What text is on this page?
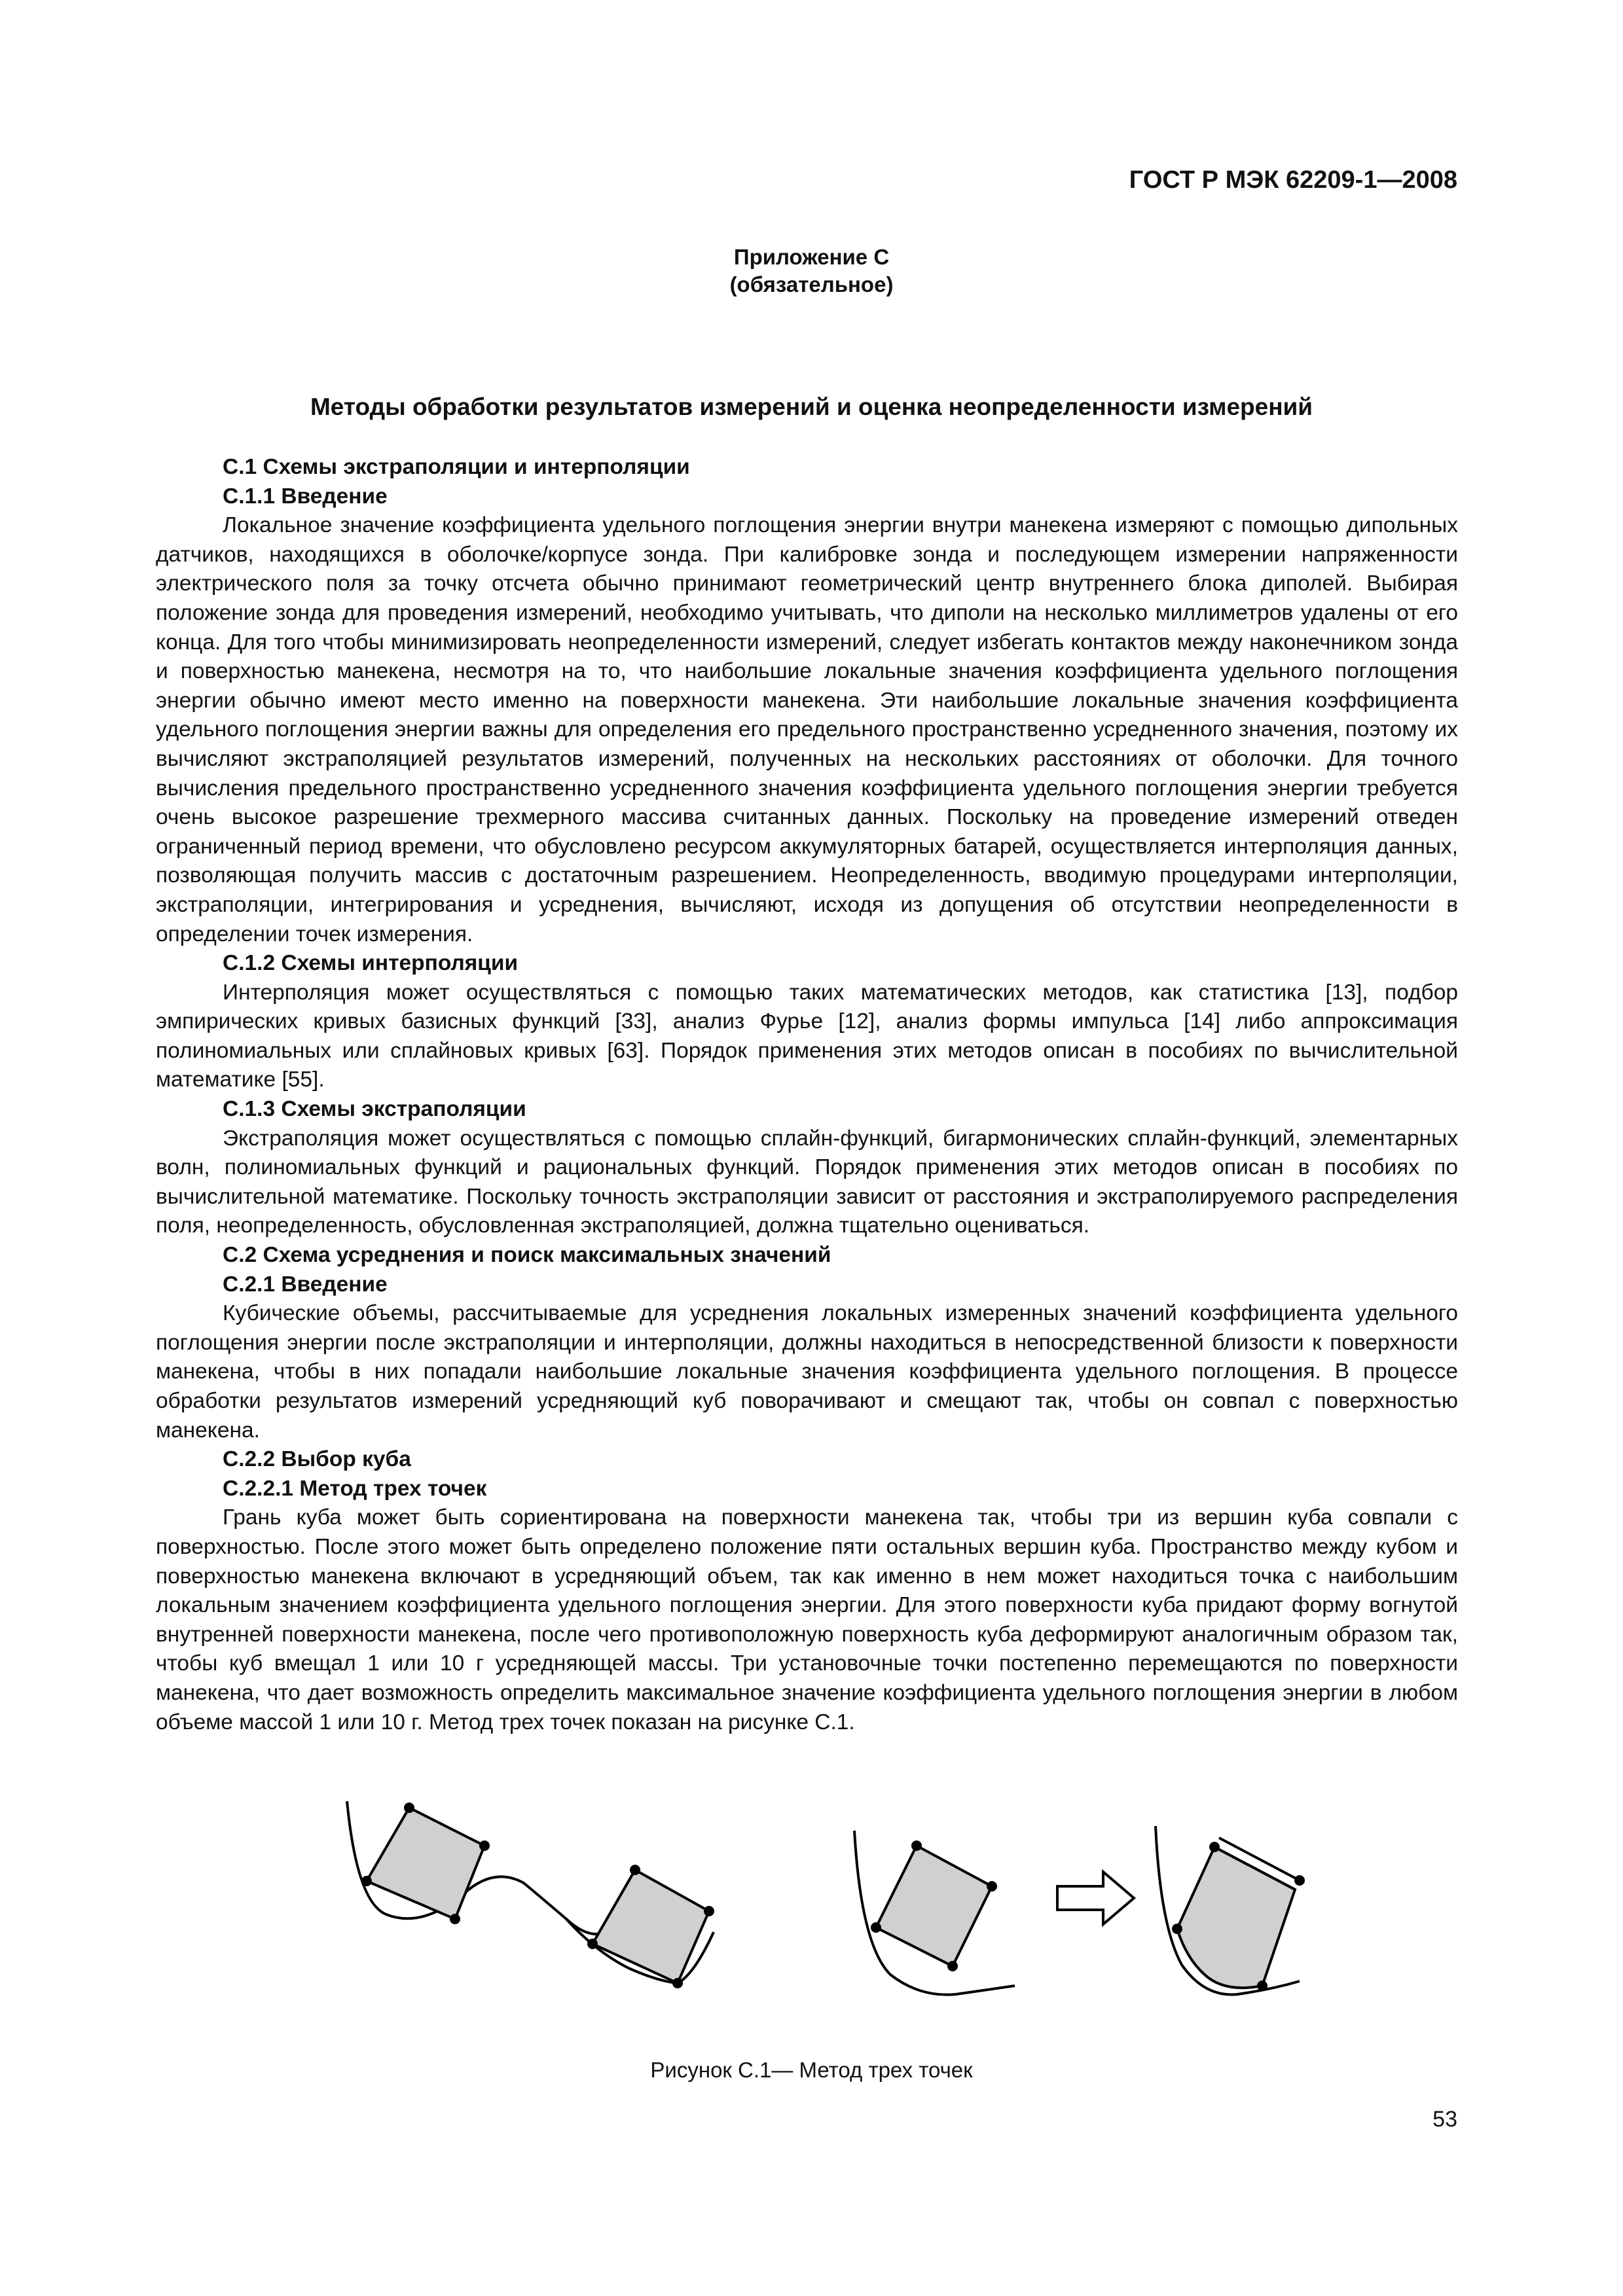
ГОСТ Р МЭК 62209-1—2008
Приложение С
(обязательное)
Методы обработки результатов измерений и оценка неопределенности измерений
С.1 Схемы экстраполяции и интерполяции
С.1.1 Введение

Локальное значение коэффициента удельного поглощения энергии внутри манекена измеряют с помощью дипольных датчиков, находящихся в оболочке/корпусе зонда. При калибровке зонда и последующем измерении напряженности электрического поля за точку отсчета обычно принимают геометрический центр внутреннего блока диполей. Выбирая положение зонда для проведения измерений, необходимо учитывать, что диполи на несколько миллиметров удалены от его конца. Для того чтобы минимизировать неопределенности измерений, следует избегать контактов между наконечником зонда и поверхностью манекена, несмотря на то, что наибольшие локальные значения коэффициента удельного поглощения энергии обычно имеют место именно на поверхности манекена. Эти наибольшие локальные значения коэффициента удельного поглощения энергии важны для определения его предельного пространственно усредненного значения, поэтому их вычисляют экстраполяцией результатов измерений, полученных на нескольких расстояниях от оболочки. Для точного вычисления предельного пространственно усредненного значения коэффициента удельного поглощения энергии требуется очень высокое разрешение трехмерного массива считанных данных. Поскольку на проведение измерений отведен ограниченный период времени, что обусловлено ресурсом аккумуляторных батарей, осуществляется интерполяция данных, позволяющая получить массив с достаточным разрешением. Неопределенность, вводимую процедурами интерполяции, экстраполяции, интегрирования и усреднения, вычисляют, исходя из допущения об отсутствии неопределенности в определении точек измерения.

С.1.2 Схемы интерполяции

Интерполяция может осуществляться с помощью таких математических методов, как статистика [13], подбор эмпирических кривых базисных функций [33], анализ Фурье [12], анализ формы импульса [14] либо аппроксимация полиномиальных или сплайновых кривых [63]. Порядок применения этих методов описан в пособиях по вычислительной математике [55].

С.1.3 Схемы экстраполяции

Экстраполяция может осуществляться с помощью сплайн-функций, бигармонических сплайн-функций, элементарных волн, полиномиальных функций и рациональных функций. Порядок применения этих методов описан в пособиях по вычислительной математике. Поскольку точность экстраполяции зависит от расстояния и экстраполируемого распределения поля, неопределенность, обусловленная экстраполяцией, должна тщательно оцениваться.

С.2 Схема усреднения и поиск максимальных значений
С.2.1 Введение

Кубические объемы, рассчитываемые для усреднения локальных измеренных значений коэффициента удельного поглощения энергии после экстраполяции и интерполяции, должны находиться в непосредственной близости к поверхности манекена, чтобы в них попадали наибольшие локальные значения коэффициента удельного поглощения. В процессе обработки результатов измерений усредняющий куб поворачивают и смещают так, чтобы он совпал с поверхностью манекена.

С.2.2 Выбор куба
С.2.2.1 Метод трех точек

Грань куба может быть сориентирована на поверхности манекена так, чтобы три из вершин куба совпали с поверхностью. После этого может быть определено положение пяти остальных вершин куба. Пространство между кубом и поверхностью манекена включают в усредняющий объем, так как именно в нем может находиться точка с наибольшим локальным значением коэффициента удельного поглощения энергии. Для этого поверхности куба придают форму вогнутой внутренней поверхности манекена, после чего противоположную поверхность куба деформируют аналогичным образом так, чтобы куб вмещал 1 или 10 г усредняющей массы. Три установочные точки постепенно перемещаются по поверхности манекена, что дает возможность определить максимальное значение коэффициента удельного поглощения энергии в любом объеме массой 1 или 10 г. Метод трех точек показан на рисунке С.1.

Рисунок С.1— Метод трех точек
53
